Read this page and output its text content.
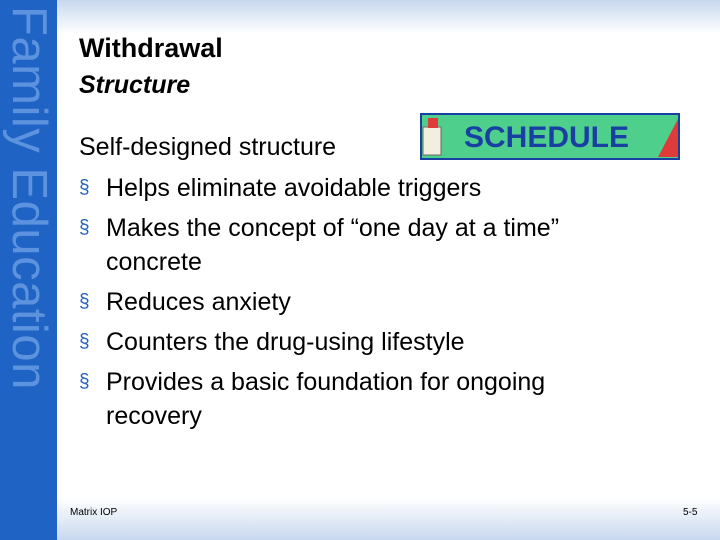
Family Education Withdrawal
Structure
Self-designed structure	SCHEDULE
§ Helps eliminate avoidable triggers
§ Makes the concept of “one day at a time” concrete
§ Reduces anxiety
§ Counters the drug-using lifestyle
§ Provides a basic foundation for ongoing recovery
Matrix IOP	5-5
